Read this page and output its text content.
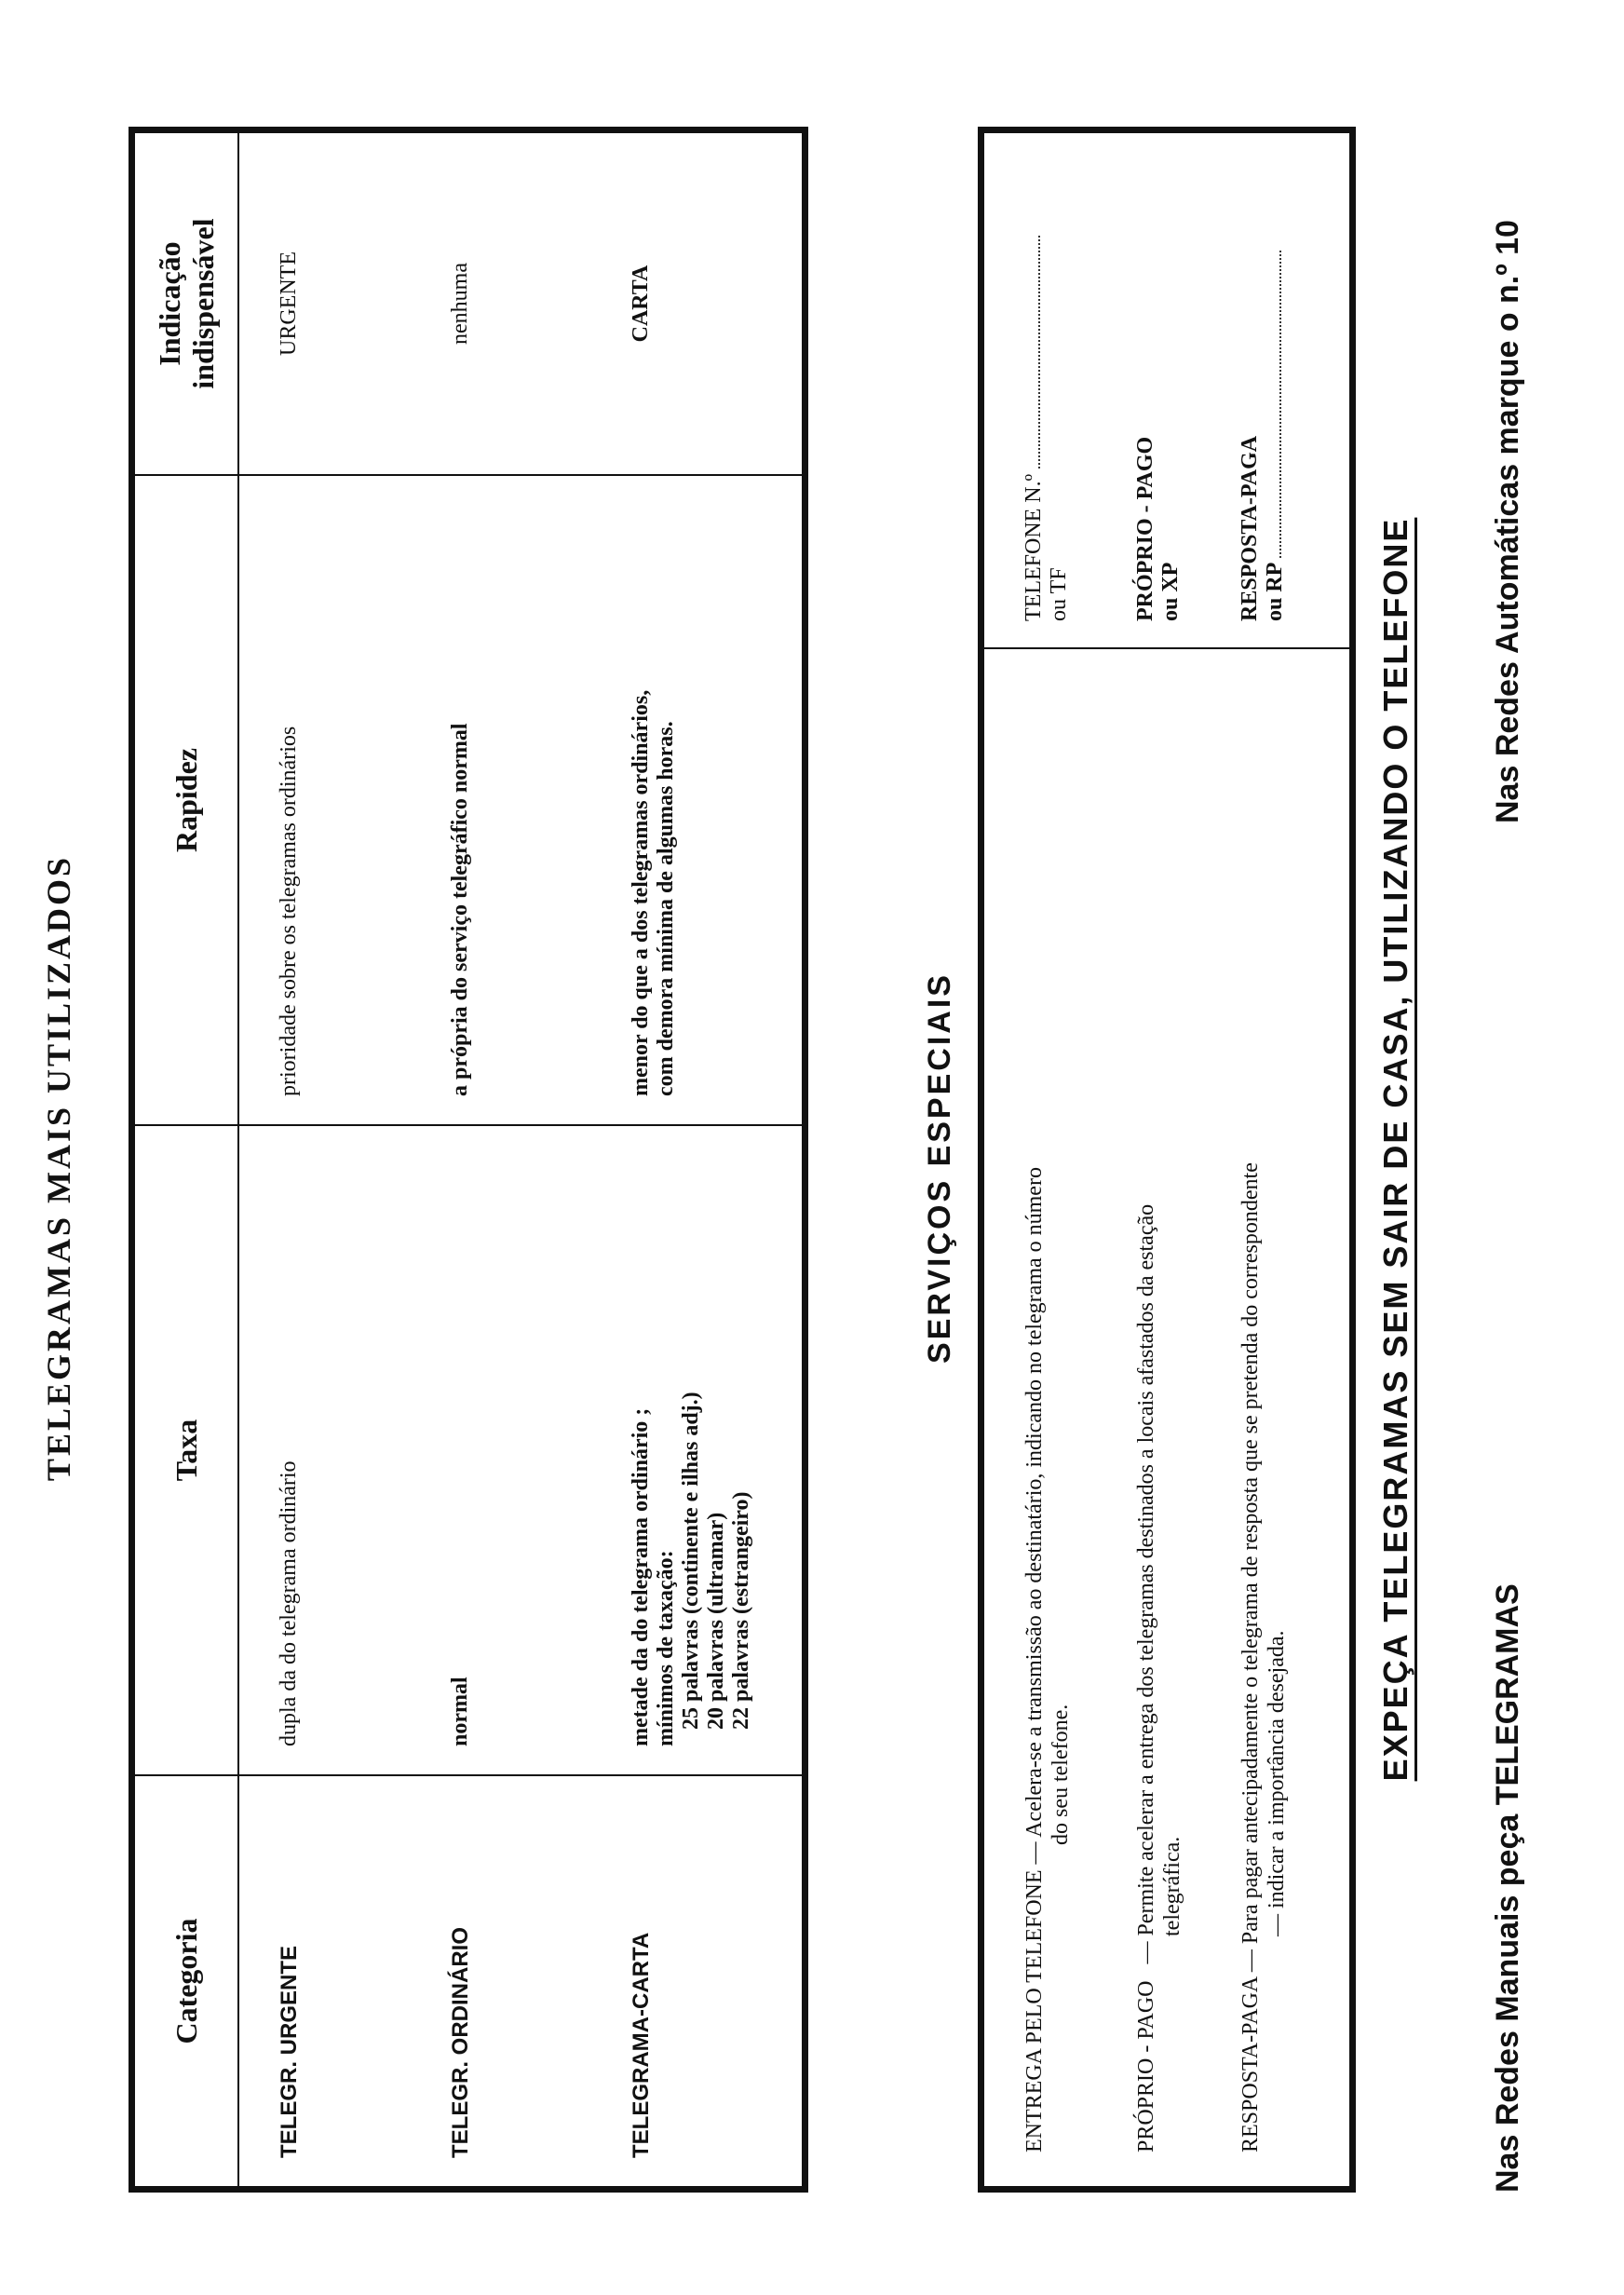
TELEGRAMAS MAIS UTILIZADOS
Categoria
Taxa
Rapidez
Indicação
indispensável
TELEGR. URGENTE
dupla da do telegrama ordinário
prioridade sobre os telegramas ordinários
URGENTE
TELEGR. ORDINÁRIO
normal
a própria do serviço telegráfico normal
nenhuma
TELEGRAMA-CARTA
metade da do telegrama ordinário ;
mínimos de taxação:
25 palavras (continente e ilhas adj.)
20 palavras (ultramar)
22 palavras (estrangeiro)
menor do que a dos telegramas ordinários,
com demora mínima de algumas horas.
CARTA
SERVIÇOS ESPECIAIS
ENTREGA PELO TELEFONE — Acelera-se a transmissão ao destinatário, indicando no telegrama o número do seu telefone.
TELEFONE N.º ou TF
PRÓPRIO - PAGO   — Permite acelerar a entrega dos telegramas destinados a locais afastados da estação telegráfica.
PRÓPRIO - PAGO ou XP
RESPOSTA-PAGA — Para pagar antecipadamente o telegrama de resposta que se pretenda do correspondente — indicar a importância desejada.
RESPOSTA-PAGA ou RP	EXPEÇA TELEGRAMAS SEM SAIR DE CASA, UTILIZANDO O TELEFONE
Nas Redes Manuais peça TELEGRAMAS
Nas Redes Automáticas marque o n.º 10
